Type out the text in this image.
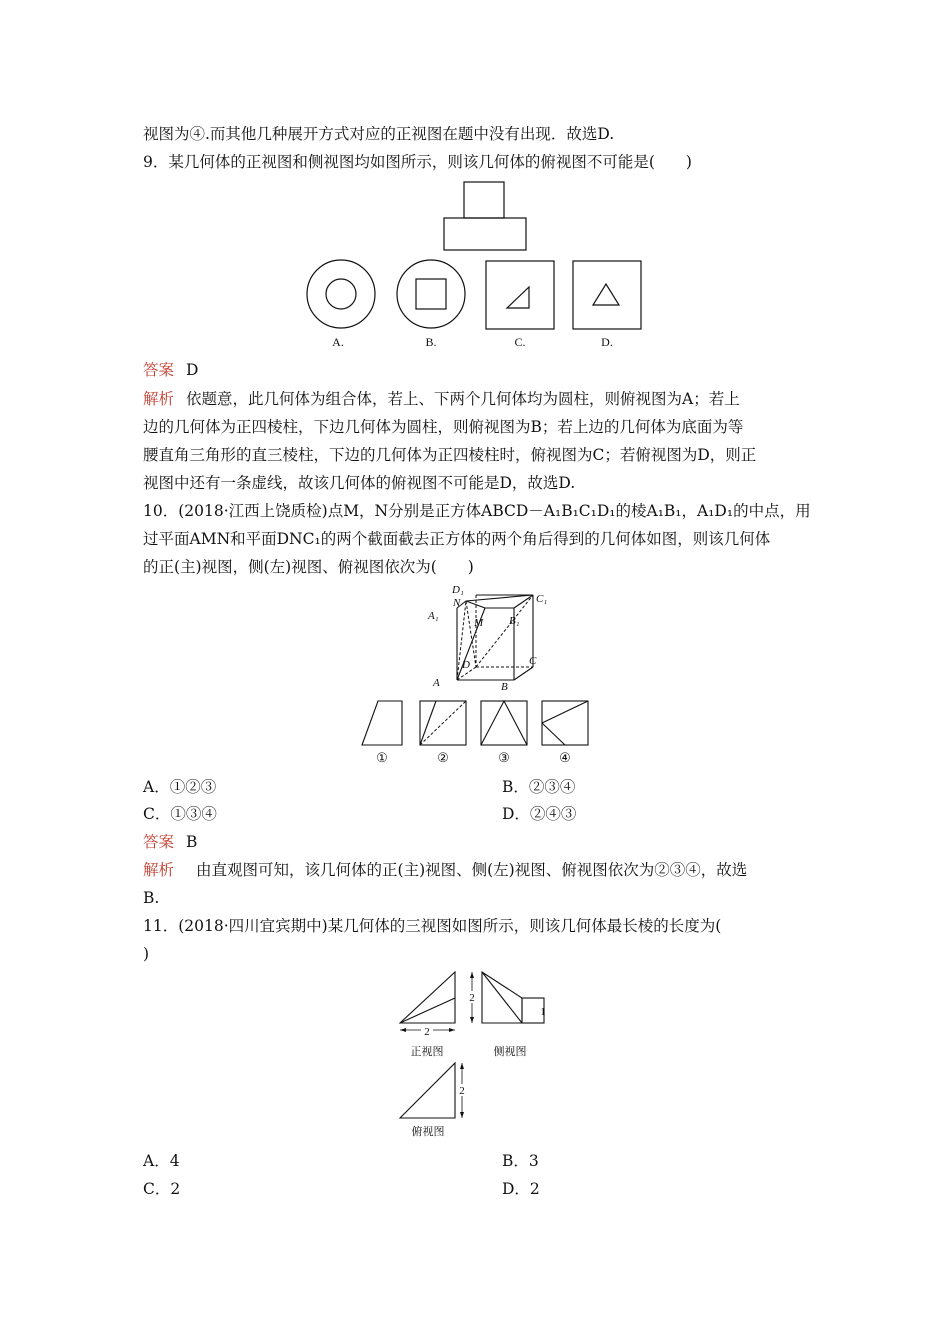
视图为④.而其他几种展开方式对应的正视图在题中没有出现．故选D.
9．某几何体的正视图和侧视图均如图所示，则该几何体的俯视图不可能是(　　)
A.	B.	C.	D.
答案 D
解析 依题意，此几何体为组合体，若上、下两个几何体均为圆柱，则俯视图为A；若上
边的几何体为正四棱柱，下边几何体为圆柱，则俯视图为B；若上边的几何体为底面为等
腰直角三角形的直三棱柱，下边的几何体为正四棱柱时，俯视图为C；若俯视图为D，则正
视图中还有一条虚线，故该几何体的俯视图不可能是D，故选D.
10．(2018·江西上饶质检)点M，N分别是正方体ABCD－A₁B₁C₁D₁的棱A₁B₁，A₁D₁的中点，用
过平面AMN和平面DNC₁的两个截面截去正方体的两个角后得到的几何体如图，则该几何体
的正(主)视图，侧(左)视图、俯视图依次为(　　)
D₁
C₁
N
A₁
M B₁
D	C
A	B
①	②	③	④
A．①②③	B．②③④
C．①③④	D．②④③
答案 B
解析 由直观图可知，该几何体的正(主)视图、侧(左)视图、俯视图依次为②③④，故选
B.
11．(2018·四川宜宾期中)某几何体的三视图如图所示，则该几何体最长棱的长度为(
)
2
正视图
2
1
侧视图
2
俯视图
A．4	B．3
C．2	D．2
